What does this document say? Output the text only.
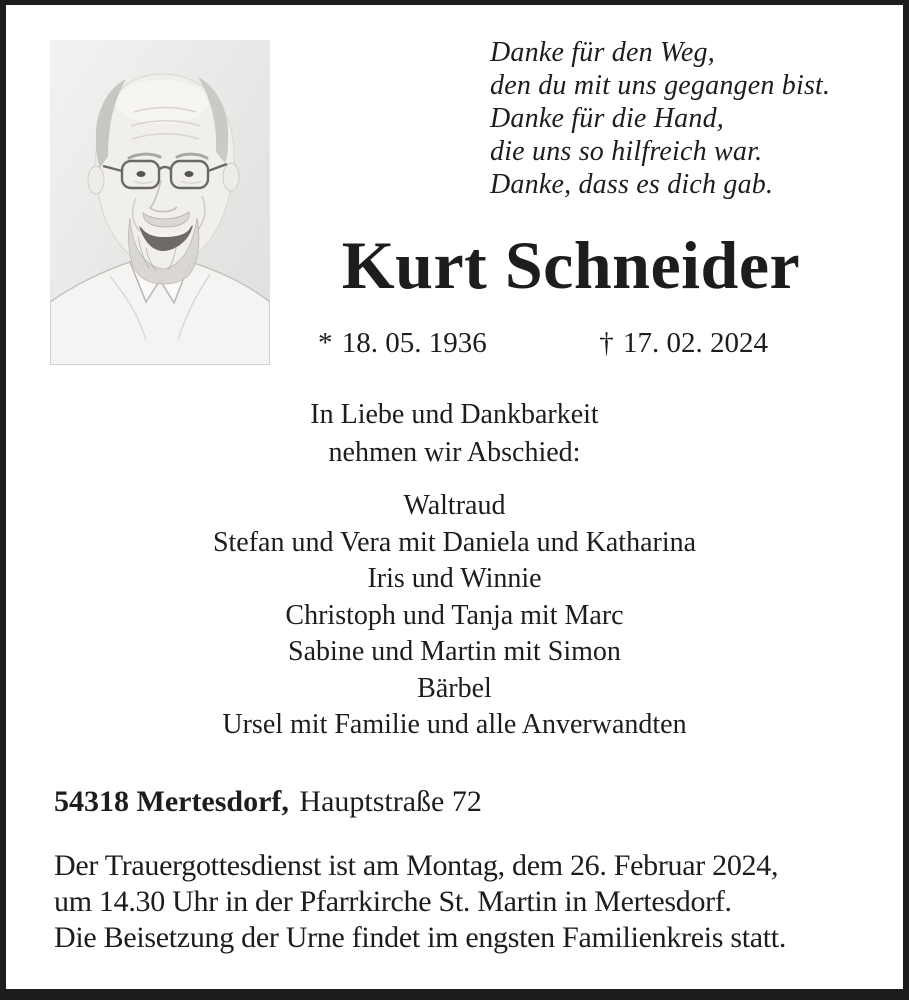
Danke für den Weg,
den du mit uns gegangen bist.
Danke für die Hand,
die uns so hilfreich war.
Danke, dass es dich gab.
Kurt Schneider
* 18. 05. 1936	† 17. 02. 2024
In Liebe und Dankbarkeit
nehmen wir Abschied:
Waltraud
Stefan und Vera mit Daniela und Katharina
Iris und Winnie
Christoph und Tanja mit Marc
Sabine und Martin mit Simon
Bärbel
Ursel mit Familie und alle Anverwandten
54318 Mertesdorf, Hauptstraße 72
Der Trauergottesdienst ist am Montag, dem 26. Februar 2024,
um 14.30 Uhr in der Pfarrkirche St. Martin in Mertesdorf.
Die Beisetzung der Urne findet im engsten Familienkreis statt.
